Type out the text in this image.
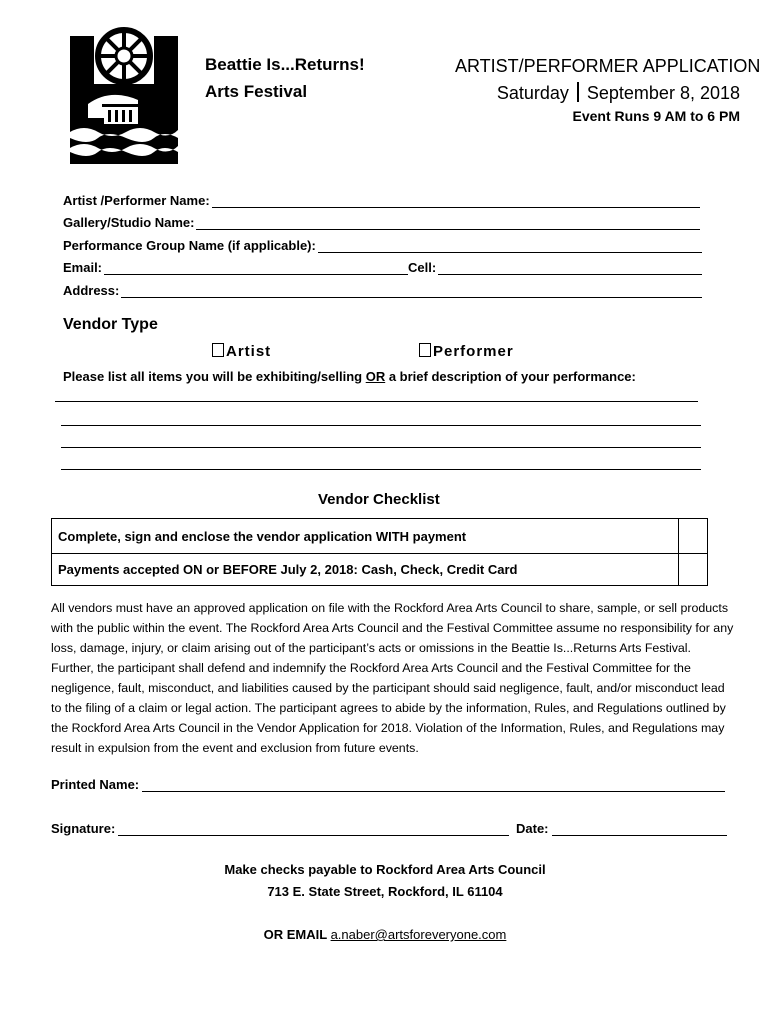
Beattie Is...Returns!
Arts Festival
ARTIST/PERFORMER APPLICATION
Saturday September 8, 2018
Event Runs 9 AM to 6 PM
Artist /Performer Name:
Gallery/Studio Name:
Performance Group Name (if applicable):
Email:	Cell:
Address:
Vendor Type
Artist	Performer
Please list all items you will be exhibiting/selling OR a brief description of your performance:
Vendor Checklist
Complete, sign and enclose the vendor application WITH payment
Payments accepted ON or BEFORE July 2, 2018: Cash, Check, Credit Card
All vendors must have an approved application on file with the Rockford Area Arts Council to share, sample, or sell products with the public within the event. The Rockford Area Arts Council and the Festival Committee assume no responsibility for any loss, damage, injury, or claim arising out of the participant’s acts or omissions in the Beattie Is...Returns Arts Festival. Further, the participant shall defend and indemnify the Rockford Area Arts Council and the Festival Committee for the negligence, fault, misconduct, and liabilities caused by the participant should said negligence, fault, and/or misconduct lead to the filing of a claim or legal action. The participant agrees to abide by the information, Rules, and Regulations outlined by the Rockford Area Arts Council in the Vendor Application for 2018. Violation of the Information, Rules, and Regulations may result in expulsion from the event and exclusion from future events.
Printed Name:
Signature:	Date:
Make checks payable to Rockford Area Arts Council
713 E. State Street, Rockford, IL 61104
OR EMAIL a.naber@artsforeveryone.com
